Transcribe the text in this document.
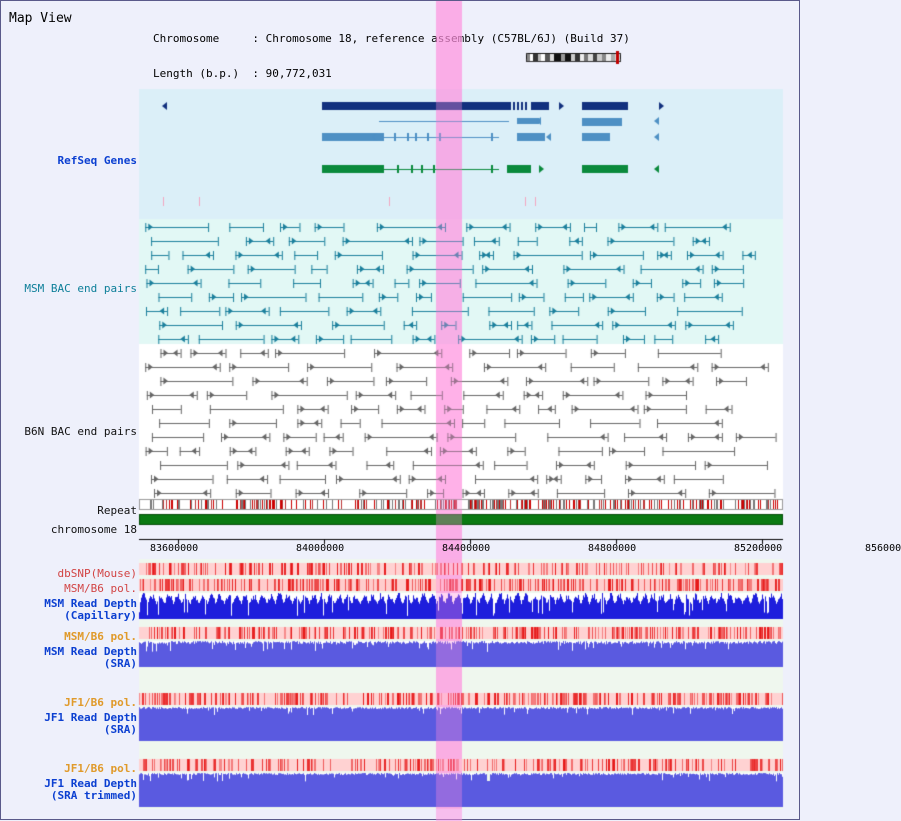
RefSeq Genes
MSM BAC end pairs
B6N BAC end pairs
Repeat
chromosome 18
dbSNP(Mouse)
MSM/B6 pol.
MSM Read Depth
(Capillary)
MSM/B6 pol.
MSM Read Depth
(SRA)
JF1/B6 pol.
JF1 Read Depth
(SRA)
JF1/B6 pol.
JF1 Read Depth
(SRA trimmed)
83600000	84000000	84400000	84800000	85200000	856000
